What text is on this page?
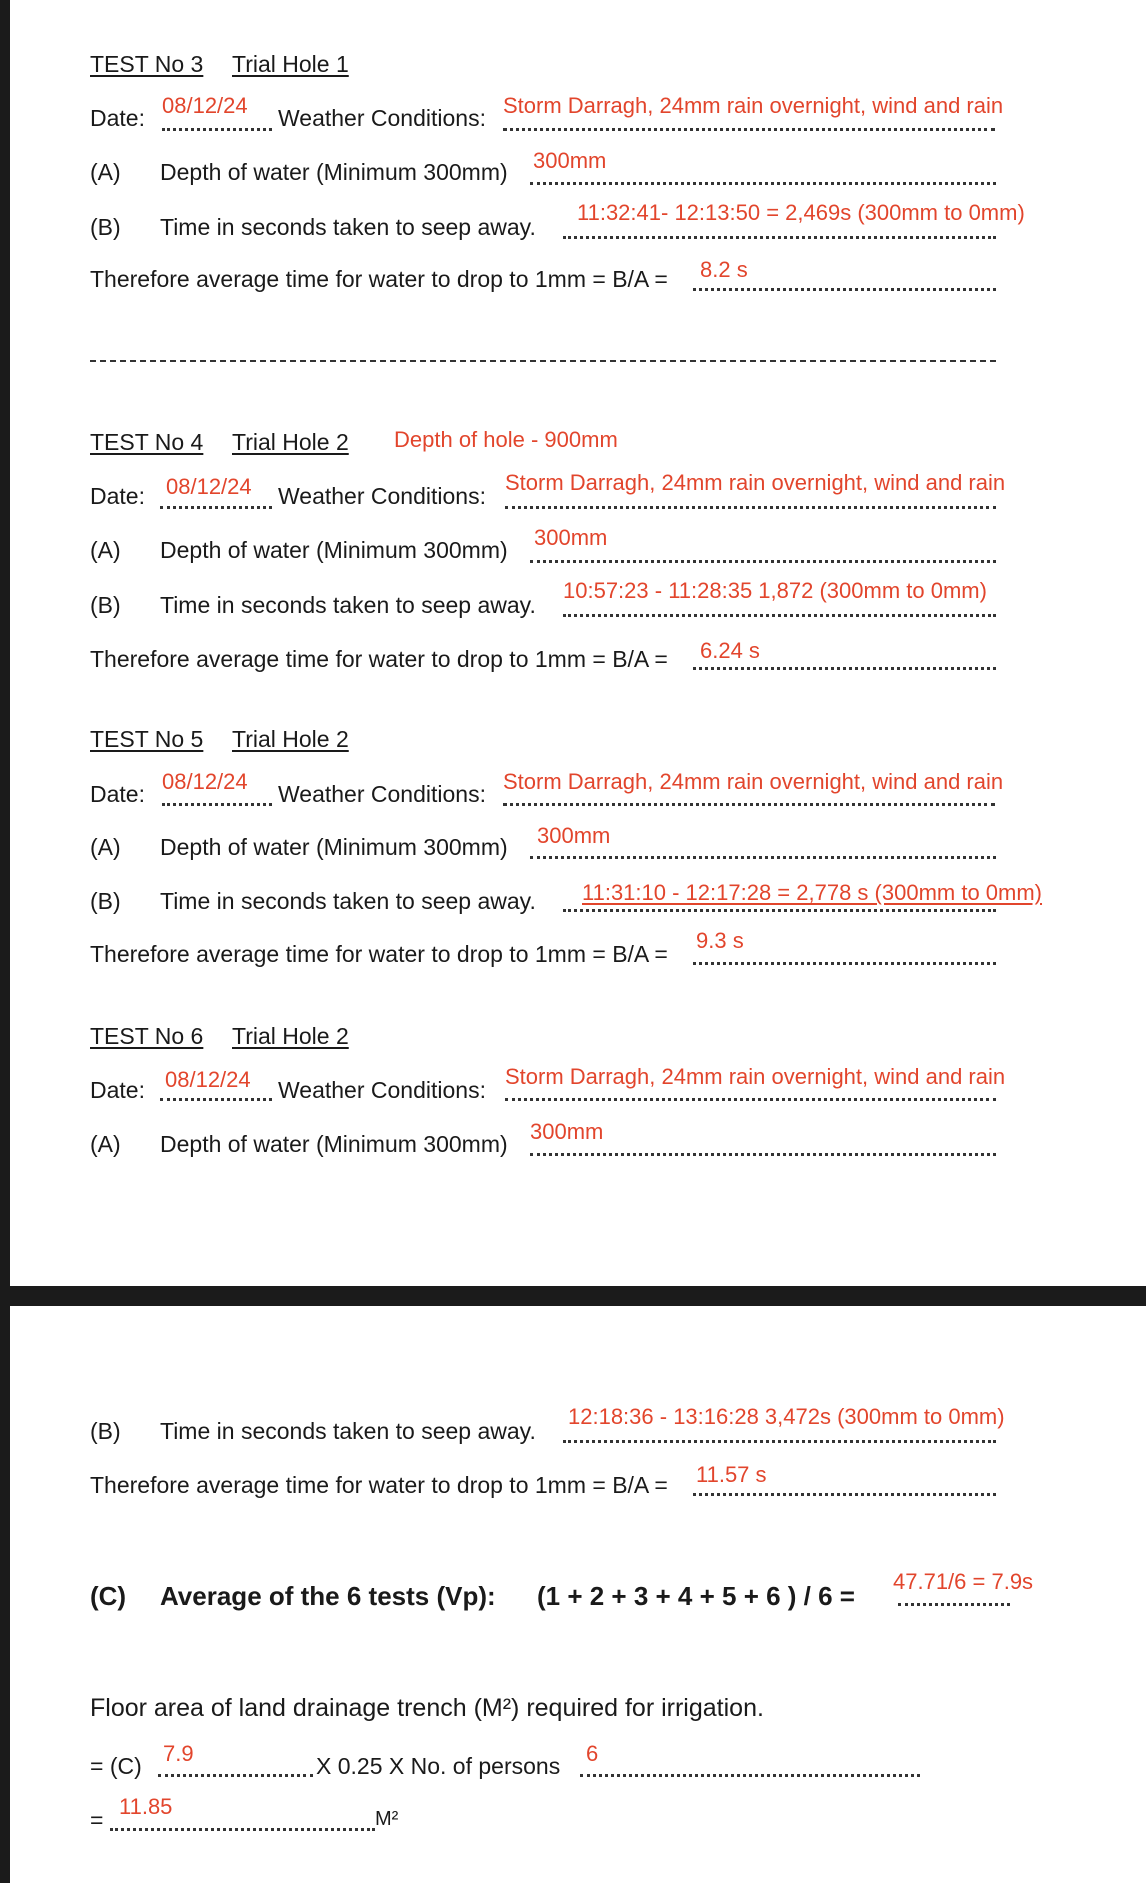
TEST No 3 Trial Hole 1
Date: 08/12/24 Weather Conditions: Storm Darragh, 24mm rain overnight, wind and rain
(A) Depth of water (Minimum 300mm) 300mm
(B) Time in seconds taken to seep away.
11:32:41- 12:13:50 = 2,469s (300mm to 0mm)
Therefore average time for water to drop to 1mm = B/A = 8.2 s
TEST No 4 Trial Hole 2 Depth of hole - 900mm
Date: 08/12/24 Weather Conditions:
Storm Darragh, 24mm rain overnight, wind and rain
(A) Depth of water (Minimum 300mm) 300mm
(B) Time in seconds taken to seep away.
10:57:23 - 11:28:35 1,872 (300mm to 0mm)
Therefore average time for water to drop to 1mm = B/A = 6.24 s
TEST No 5 Trial Hole 2
Date: 08/12/24 Weather Conditions: Storm Darragh, 24mm rain overnight, wind and rain
(A) Depth of water (Minimum 300mm) 300mm
(B) Time in seconds taken to seep away. 11:31:10 - 12:17:28 = 2,778 s (300mm to 0mm)
Therefore average time for water to drop to 1mm = B/A =
9.3 s
TEST No 6 Trial Hole 2
Date: 08/12/24 Weather Conditions:
Storm Darragh, 24mm rain overnight, wind and rain
(A) Depth of water (Minimum 300mm) 300mm
(B) Time in seconds taken to seep away.
12:18:36 - 13:16:28 3,472s (300mm to 0mm)
Therefore average time for water to drop to 1mm = B/A = 11.57 s
(C) Average of the 6 tests (Vp): (1 + 2 + 3 + 4 + 5 + 6 ) / 6 = 47.71/6 = 7.9s
Floor area of land drainage trench (M²) required for irrigation.
= (C) 7.9	X 0.25 X No. of persons 6
=
11.85	M²
